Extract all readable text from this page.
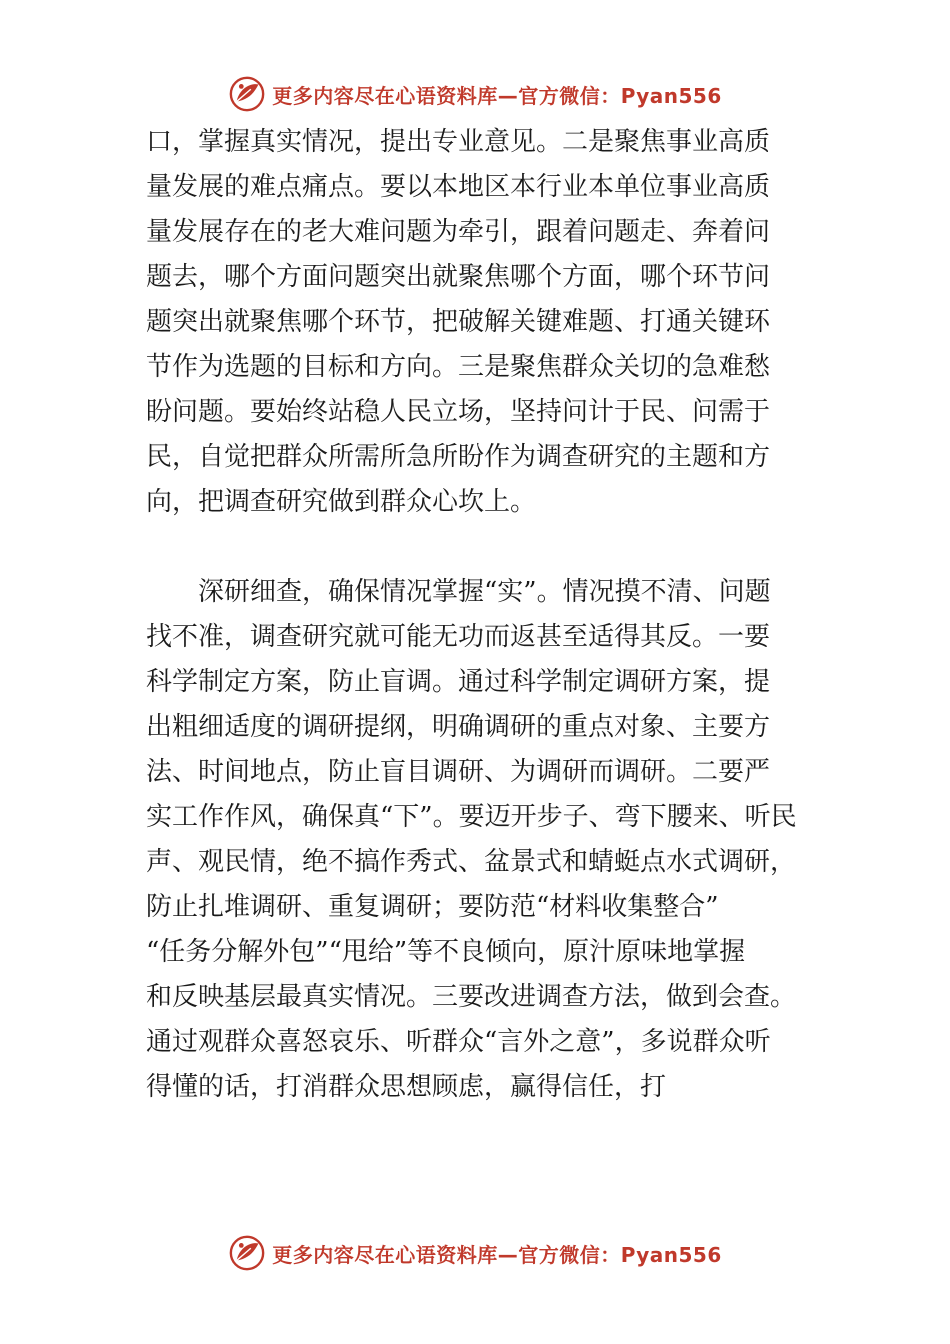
更多内容尽在心语资料库—官方微信：Pyan556
口，掌握真实情况，提出专业意见。二是聚焦事业高质
量发展的难点痛点。要以本地区本行业本单位事业高质
量发展存在的老大难问题为牵引，跟着问题走、奔着问
题去，哪个方面问题突出就聚焦哪个方面，哪个环节问
题突出就聚焦哪个环节，把破解关键难题、打通关键环
节作为选题的目标和方向。三是聚焦群众关切的急难愁
盼问题。要始终站稳人民立场，坚持问计于民、问需于
民，自觉把群众所需所急所盼作为调查研究的主题和方
向，把调查研究做到群众心坎上。
　　深研细查，确保情况掌握“实”。情况摸不清、问题
找不准，调查研究就可能无功而返甚至适得其反。一要
科学制定方案，防止盲调。通过科学制定调研方案，提
出粗细适度的调研提纲，明确调研的重点对象、主要方
法、时间地点，防止盲目调研、为调研而调研。二要严
实工作作风，确保真“下”。要迈开步子、弯下腰来、听民
声、观民情，绝不搞作秀式、盆景式和蜻蜓点水式调研，
防止扎堆调研、重复调研；要防范“材料收集整合”
“任务分解外包”“甩给”等不良倾向，原汁原味地掌握
和反映基层最真实情况。三要改进调查方法，做到会查。
通过观群众喜怒哀乐、听群众“言外之意”，多说群众听
得懂的话，打消群众思想顾虑，赢得信任，打
更多内容尽在心语资料库—官方微信：Pyan556
